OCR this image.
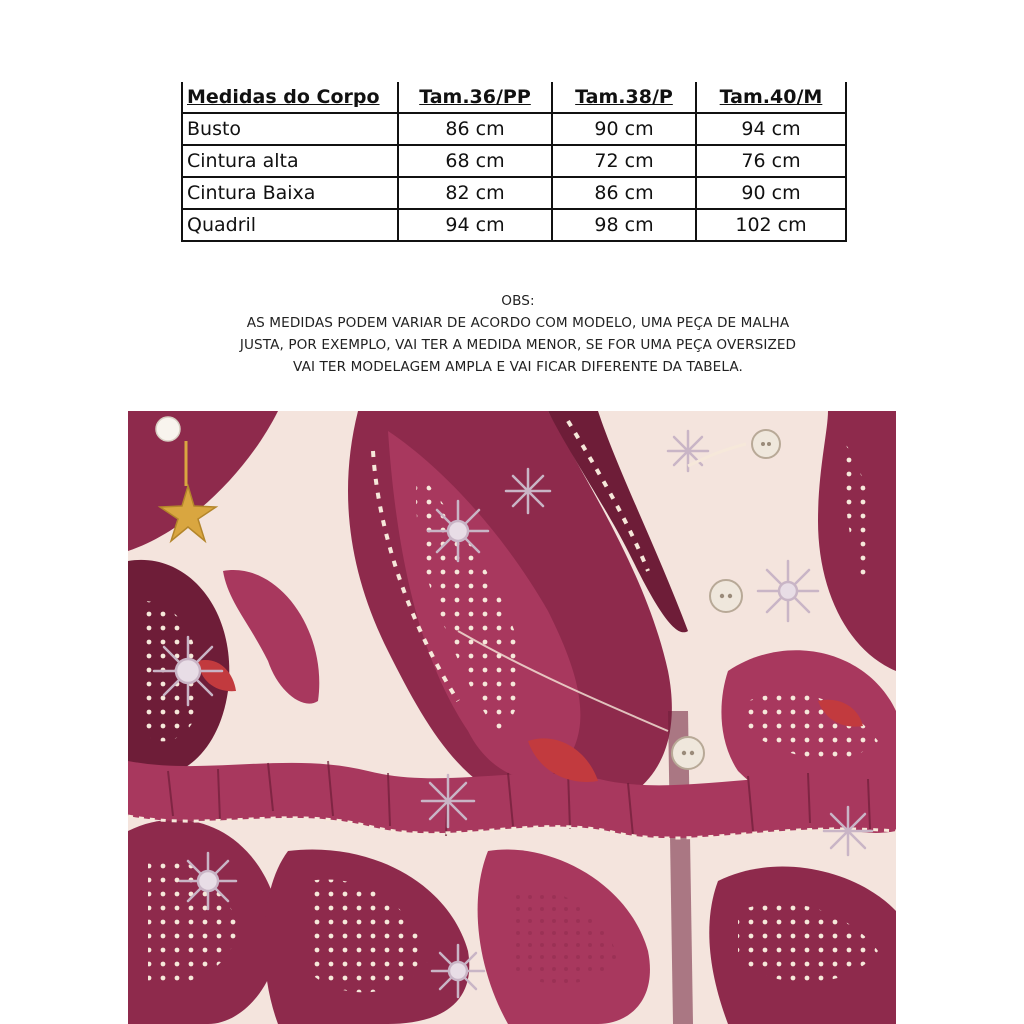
Medidas do Corpo	Tam.36/PP	Tam.38/P	Tam.40/M
Busto	86 cm	90 cm	94 cm
Cintura alta	68 cm	72 cm	76 cm
Cintura Baixa	82 cm	86 cm	90 cm
Quadril	94 cm	98 cm	102 cm

OBS:

AS MEDIDAS PODEM VARIAR DE ACORDO COM MODELO, UMA PEÇA DE MALHA

JUSTA, POR EXEMPLO, VAI TER A MEDIDA MENOR, SE FOR UMA PEÇA OVERSIZED

VAI TER MODELAGEM AMPLA E VAI FICAR DIFERENTE DA TABELA.
